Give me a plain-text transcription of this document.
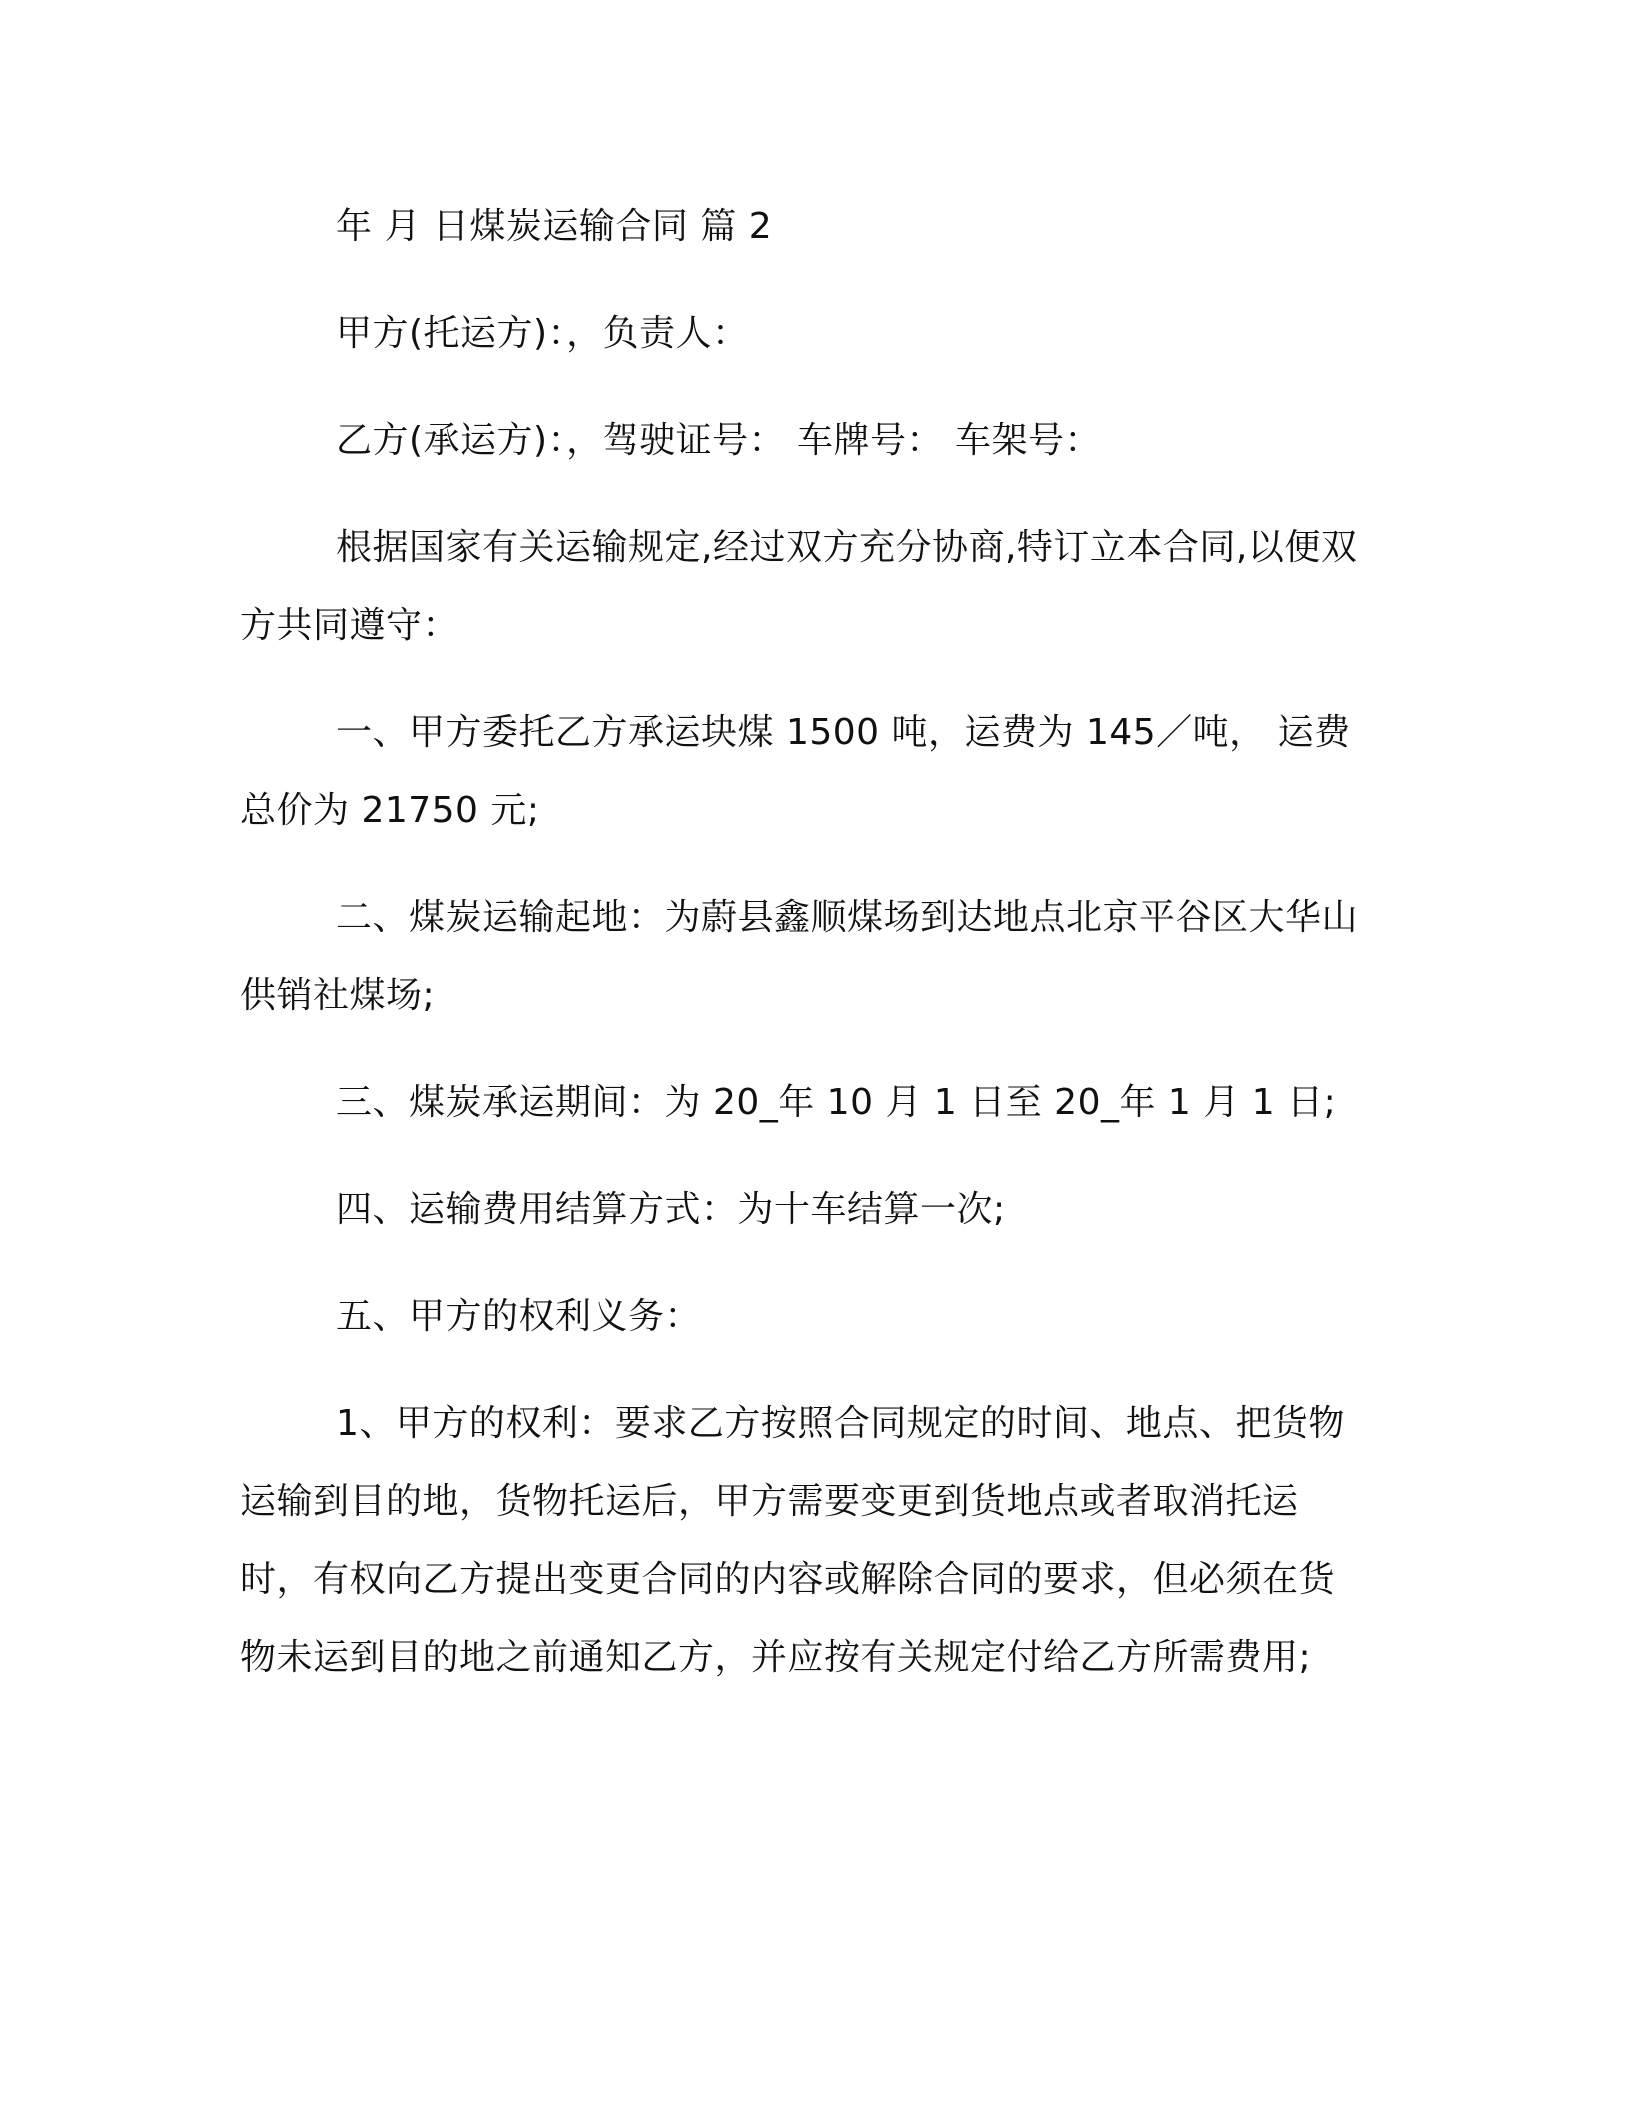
年 月 日煤炭运输合同 篇 2

甲方(托运方)：，负责人：

乙方(承运方)：，驾驶证号： 车牌号： 车架号：

根据国家有关运输规定,经过双方充分协商,特订立本合同,以便双方共同遵守：

一、甲方委托乙方承运块煤 1500 吨，运费为 145／吨， 运费总价为 21750 元;

二、煤炭运输起地：为蔚县鑫顺煤场到达地点北京平谷区大华山供销社煤场;

三、煤炭承运期间：为 20_年 10 月 1 日至 20_年 1 月 1 日;

四、运输费用结算方式：为十车结算一次;

五、甲方的权利义务：

1、甲方的权利：要求乙方按照合同规定的时间、地点、把货物运输到目的地，货物托运后，甲方需要变更到货地点或者取消托运时，有权向乙方提出变更合同的内容或解除合同的要求，但必须在货物未运到目的地之前通知乙方，并应按有关规定付给乙方所需费用;
